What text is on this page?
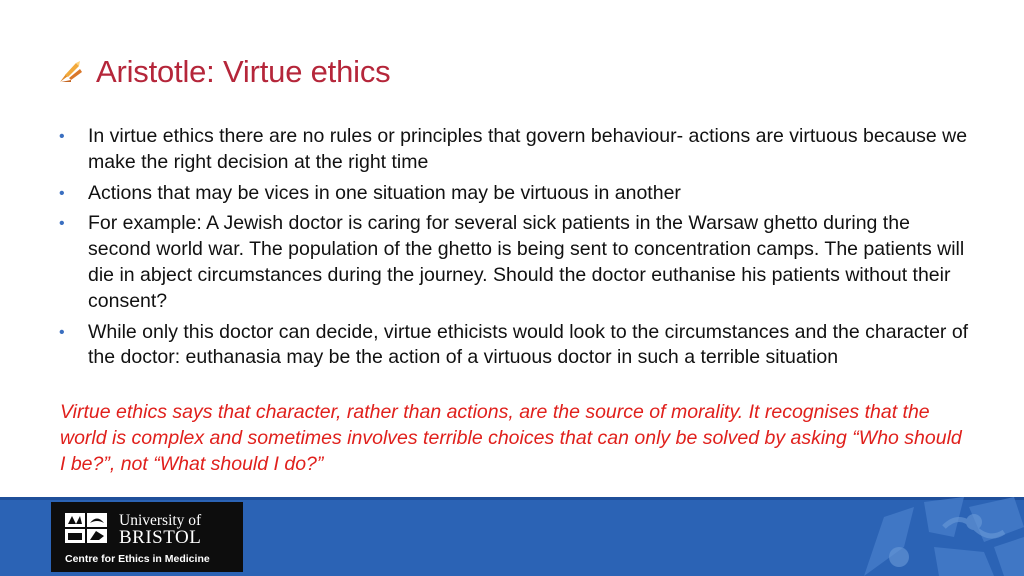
Aristotle: Virtue ethics
• In virtue ethics there are no rules or principles that govern behaviour- actions are virtuous because we make the right decision at the right time
• Actions that may be vices in one situation may be virtuous in another
• For example: A Jewish doctor is caring for several sick patients in the Warsaw ghetto during the second world war. The population of the ghetto is being sent to concentration camps. The patients will die in abject circumstances during the journey. Should the doctor euthanise his patients without their consent?
• While only this doctor can decide, virtue ethicists would look to the circumstances and the character of the doctor: euthanasia may be the action of a virtuous doctor in such a terrible situation
Virtue ethics says that character, rather than actions, are the source of morality. It recognises that the world is complex and sometimes involves terrible choices that can only be solved by asking “Who should I be?”, not “What should I do?”
University of
BRISTOL
Centre for Ethics in Medicine
